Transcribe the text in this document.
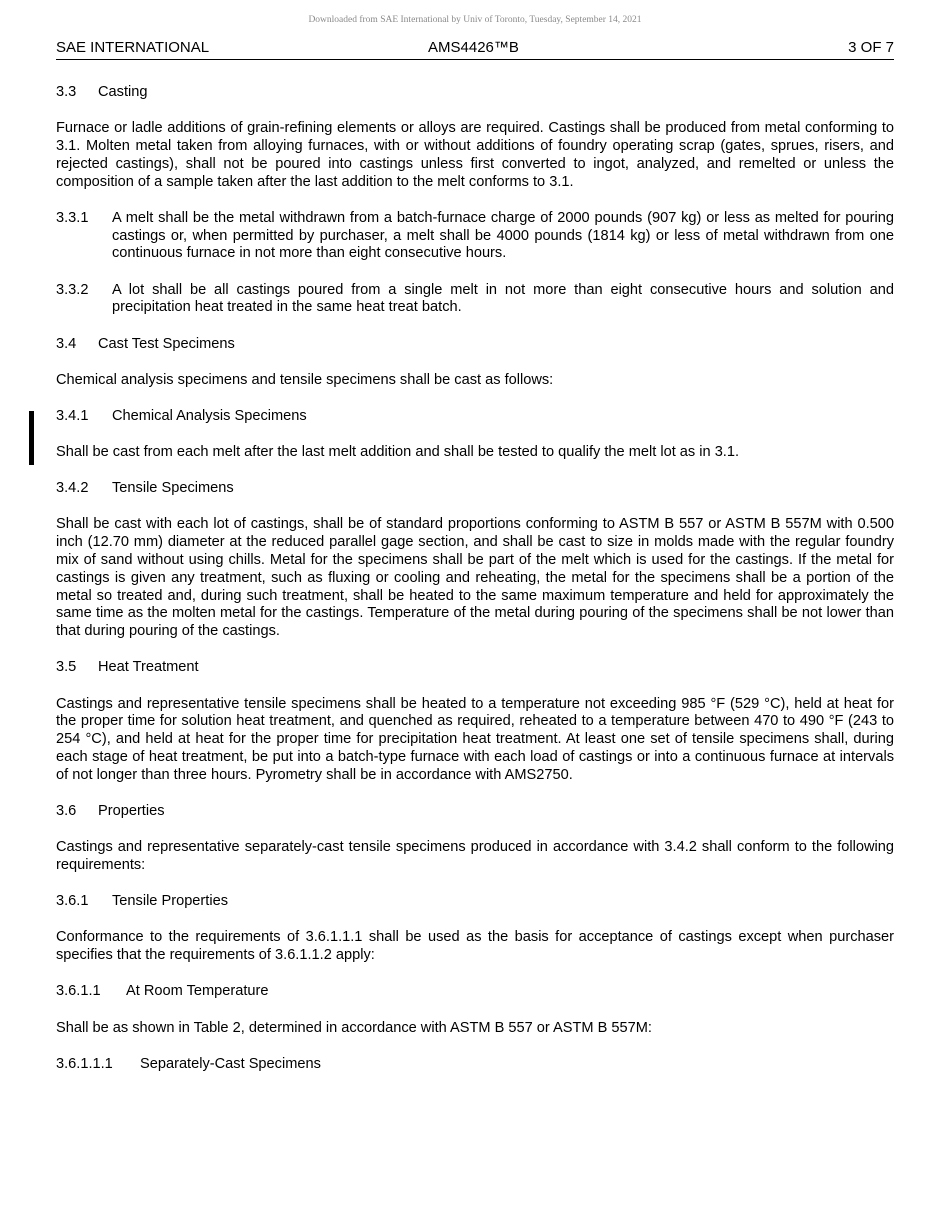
Downloaded from SAE International by Univ of Toronto, Tuesday, September 14, 2021
SAE INTERNATIONAL	AMS4426™B	3 OF 7
3.3 Casting

Furnace or ladle additions of grain-refining elements or alloys are required. Castings shall be produced from metal conforming to 3.1. Molten metal taken from alloying furnaces, with or without additions of foundry operating scrap (gates, sprues, risers, and rejected castings), shall not be poured into castings unless first converted to ingot, analyzed, and remelted or unless the composition of a sample taken after the last addition to the melt conforms to 3.1.

3.3.1	A melt shall be the metal withdrawn from a batch-furnace charge of 2000 pounds (907 kg) or less as melted for pouring castings or, when permitted by purchaser, a melt shall be 4000 pounds (1814 kg) or less of metal withdrawn from one continuous furnace in not more than eight consecutive hours.
3.3.2	A lot shall be all castings poured from a single melt in not more than eight consecutive hours and solution and precipitation heat treated in the same heat treat batch.
3.4 Cast Test Specimens

Chemical analysis specimens and tensile specimens shall be cast as follows:

3.4.1 Chemical Analysis Specimens

Shall be cast from each melt after the last melt addition and shall be tested to qualify the melt lot as in 3.1.

3.4.2 Tensile Specimens

Shall be cast with each lot of castings, shall be of standard proportions conforming to ASTM B 557 or ASTM B 557M with 0.500 inch (12.70 mm) diameter at the reduced parallel gage section, and shall be cast to size in molds made with the regular foundry mix of sand without using chills. Metal for the specimens shall be part of the melt which is used for the castings. If the metal for castings is given any treatment, such as fluxing or cooling and reheating, the metal for the specimens shall be a portion of the metal so treated and, during such treatment, shall be heated to the same maximum temperature and held for approximately the same time as the molten metal for the castings. Temperature of the metal during pouring of the specimens shall be not lower than that during pouring of the castings.

3.5 Heat Treatment

Castings and representative tensile specimens shall be heated to a temperature not exceeding 985 °F (529 °C), held at heat for the proper time for solution heat treatment, and quenched as required, reheated to a temperature between 470 to 490 °F (243 to 254 °C), and held at heat for the proper time for precipitation heat treatment. At least one set of tensile specimens shall, during each stage of heat treatment, be put into a batch-type furnace with each load of castings or into a continuous furnace at intervals of not longer than three hours. Pyrometry shall be in accordance with AMS2750.

3.6 Properties

Castings and representative separately-cast tensile specimens produced in accordance with 3.4.2 shall conform to the following requirements:

3.6.1 Tensile Properties

Conformance to the requirements of 3.6.1.1.1 shall be used as the basis for acceptance of castings except when purchaser specifies that the requirements of 3.6.1.1.2 apply:

3.6.1.1 At Room Temperature

Shall be as shown in Table 2, determined in accordance with ASTM B 557 or ASTM B 557M:

3.6.1.1.1 Separately-Cast Specimens
